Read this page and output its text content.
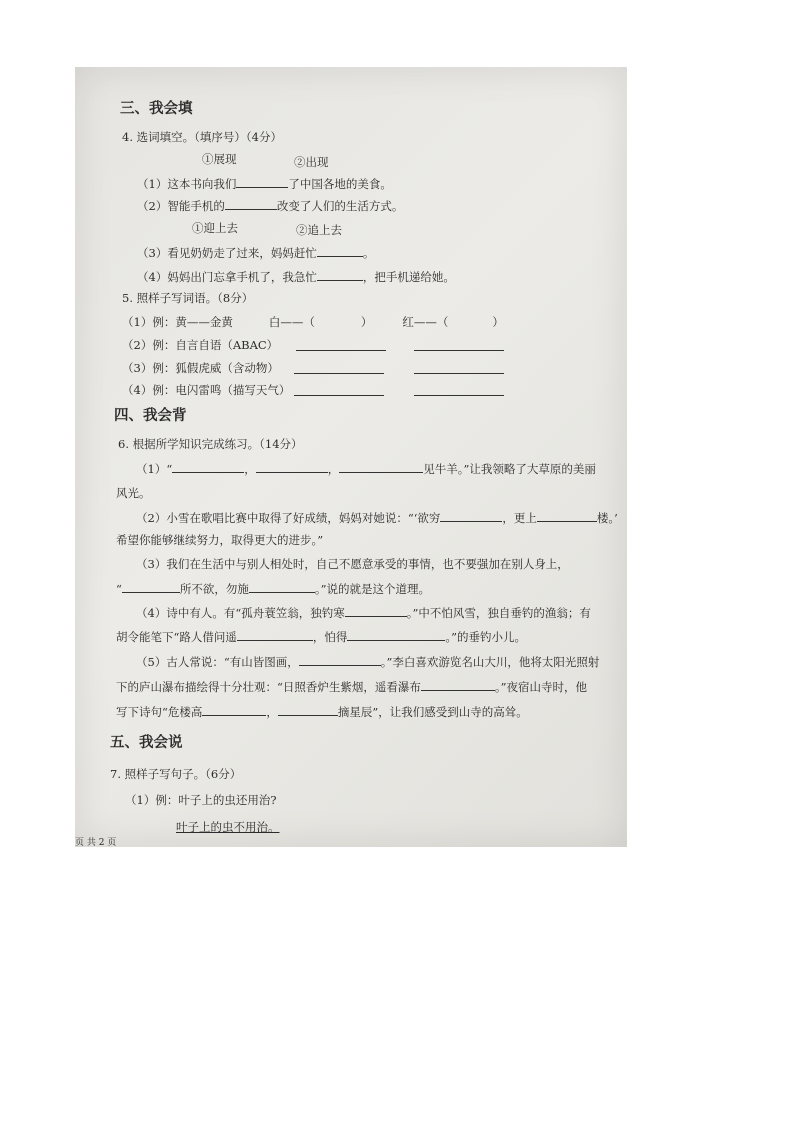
三、我会填
4. 选词填空。（填序号）（4分）
①展现	②出现
（1）这本书向我们	了中国各地的美食。
（2）智能手机的	改变了人们的生活方式。
①迎上去	②追上去
（3）看见奶奶走了过来，妈妈赶忙	。
（4）妈妈出门忘拿手机了，我急忙	，把手机递给她。
5. 照样子写词语。（8分）
（1）例：黄——金黄	白——（	）	红——（	）
（2）例：自言自语（ABAC）
（3）例：狐假虎威（含动物）
（4）例：电闪雷鸣（描写天气）
四、我会背
6. 根据所学知识完成练习。（14分）
（1）“	，	，	见牛羊。”让我领略了大草原的美丽
风光。
（2）小雪在歌唱比赛中取得了好成绩，妈妈对她说：“‘欲穷	，更上	楼。’
希望你能够继续努力，取得更大的进步。”
（3）我们在生活中与别人相处时，自己不愿意承受的事情，也不要强加在别人身上，
“	所不欲，勿施	。”说的就是这个道理。
（4）诗中有人。有“孤舟蓑笠翁，独钓寒	。”中不怕风雪，独自垂钓的渔翁；有
胡令能笔下“路人借问遥	，怕得	。”的垂钓小儿。
（5）古人常说：“有山皆图画，	。”李白喜欢游览名山大川，他将太阳光照射
下的庐山瀑布描绘得十分壮观：“日照香炉生紫烟，遥看瀑布	。”夜宿山寺时，他
写下诗句“危楼高	，	摘星辰”，让我们感受到山寺的高耸。
五、我会说
7. 照样子写句子。（6分）
（1）例：叶子上的虫还用治?
叶子上的虫不用治。
页 共 2 页
